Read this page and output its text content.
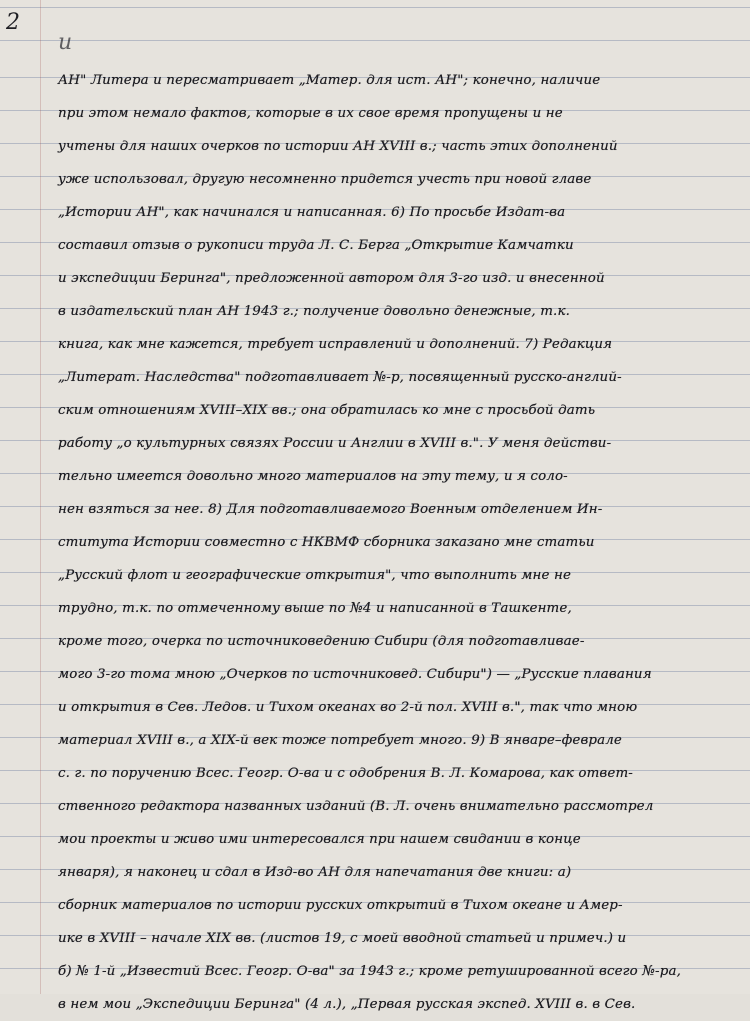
2
и
АН" Литера и пересматривает „Матер. для ист. АН"; конечно, наличие
при этом немало фактов, которые в их свое время пропущены и не
учтены для наших очерков по истории АН XVIII в.; часть этих дополнений
уже использовал, другую несомненно придется учесть при новой главе
„Истории АН", как начинался и написанная. 6) По просьбе Издат-ва
составил отзыв о рукописи труда Л. С. Берга „Открытие Камчатки
и экспедиции Беринга", предложенной автором для 3-го изд. и внесенной
в издательский план АН 1943 г.; получение довольно денежные, т.к.
книга, как мне кажется, требует исправлений и дополнений. 7) Редакция
„Литерат. Наследства" подготавливает №-р, посвященный русско-англий-
ским отношениям XVIII–XIX вв.; она обратилась ко мне с просьбой дать
работу „о культурных связях России и Англии в XVIII в.". У меня действи-
тельно имеется довольно много материалов на эту тему, и я соло-
нен взяться за нее. 8) Для подготавливаемого Военным отделением Ин-
ститута Истории совместно с НКВМФ сборника заказано мне статьи
„Русский флот и географические открытия", что выполнить мне не
трудно, т.к. по отмеченному выше по №4 и написанной в Ташкенте,
кроме того, очерка по источниковедению Сибири (для подготавливае-
мого 3-го тома мною „Очерков по источниковед. Сибири") — „Русские плавания
и открытия в Сев. Ледов. и Тихом океанах во 2-й пол. XVIII в.", так что мною
материал XVIII в., а XIX-й век тоже потребует много. 9) В январе–феврале
с. г. по поручению Всес. Геогр. О-ва и с одобрения В. Л. Комарова, как ответ-
ственного редактора названных изданий (В. Л. очень внимательно рассмотрел
мои проекты и живо ими интересовался при нашем свидании в конце
января), я наконец и сдал в Изд-во АН для напечатания две книги: а)
сборник материалов по истории русских открытий в Тихом океане и Амер-
ике в XVIII – начале XIX вв. (листов 19, с моей вводной статьей и примеч.) и
б) № 1-й „Известий Всес. Геогр. О-ва" за 1943 г.; кроме ретушированной всего №-ра,
в нем мои „Экспедиции Беринга" (4 л.), „Первая русская экспед. XVIII в. в Сев.
